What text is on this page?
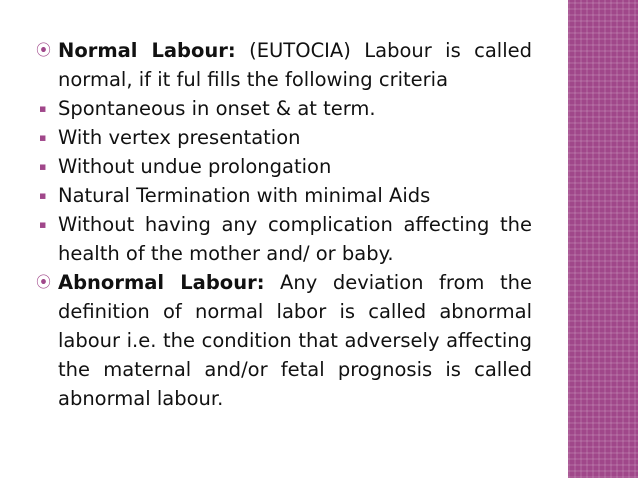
⦿ Normal Labour: (EUTOCIA) Labour is called normal, if it ful fills the following criteria
▪ Spontaneous in onset & at term.
▪ With vertex presentation
▪ Without undue prolongation
▪ Natural Termination with minimal Aids
▪ Without having any complication affecting the health of the mother and/ or baby.
⦿ Abnormal Labour: Any deviation from the definition of normal labor is called abnormal labour i.e. the condition that adversely affecting the maternal and/or fetal prognosis is called abnormal labour.
